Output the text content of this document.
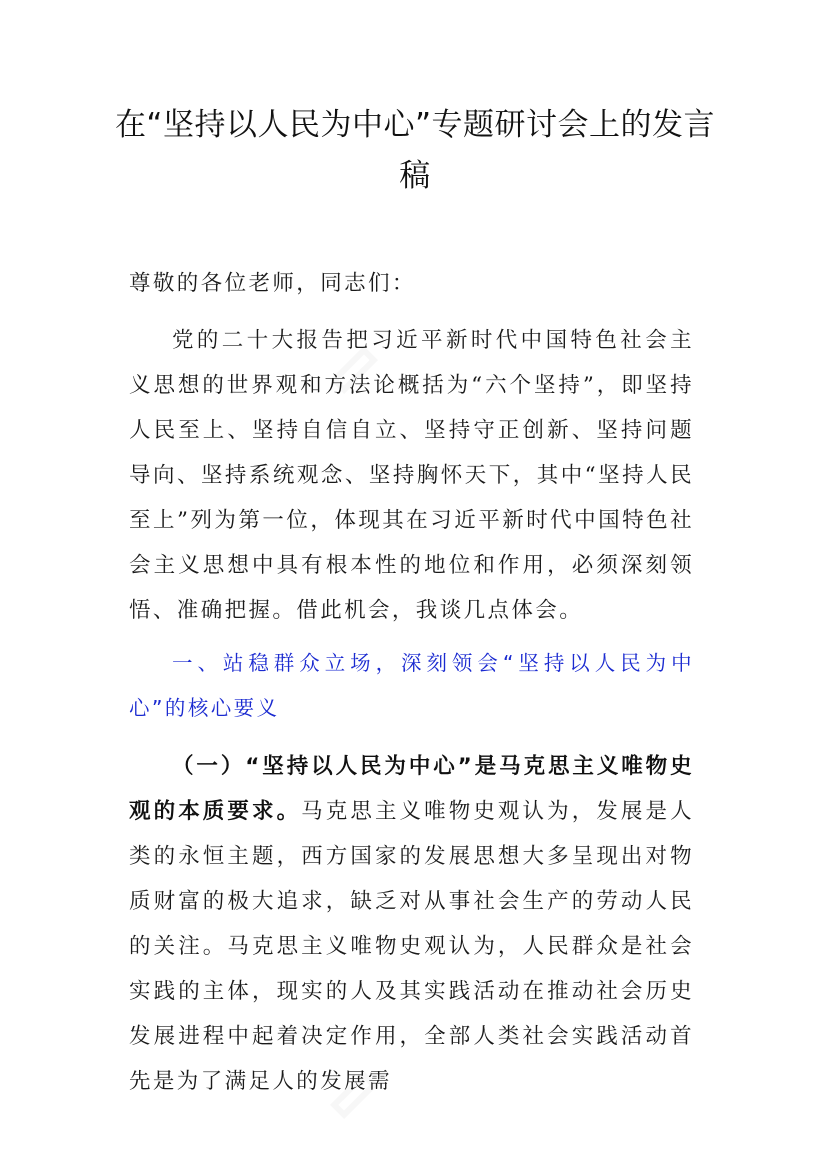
在“坚持以人民为中心”专题研讨会上的发言稿

尊敬的各位老师，同志们：

党的二十大报告把习近平新时代中国特色社会主义思想的世界观和方法论概括为“六个坚持”，即坚持人民至上、坚持自信自立、坚持守正创新、坚持问题导向、坚持系统观念、坚持胸怀天下，其中“坚持人民至上”列为第一位，体现其在习近平新时代中国特色社会主义思想中具有根本性的地位和作用，必须深刻领悟、准确把握。借此机会，我谈几点体会。

一、站稳群众立场，深刻领会“坚持以人民为中心”的核心要义

（一）“坚持以人民为中心”是马克思主义唯物史观的本质要求。马克思主义唯物史观认为，发展是人类的永恒主题，西方国家的发展思想大多呈现出对物质财富的极大追求，缺乏对从事社会生产的劳动人民的关注。马克思主义唯物史观认为，人民群众是社会实践的主体，现实的人及其实践活动在推动社会历史发展进程中起着决定作用，全部人类社会实践活动首先是为了满足人的发展需
